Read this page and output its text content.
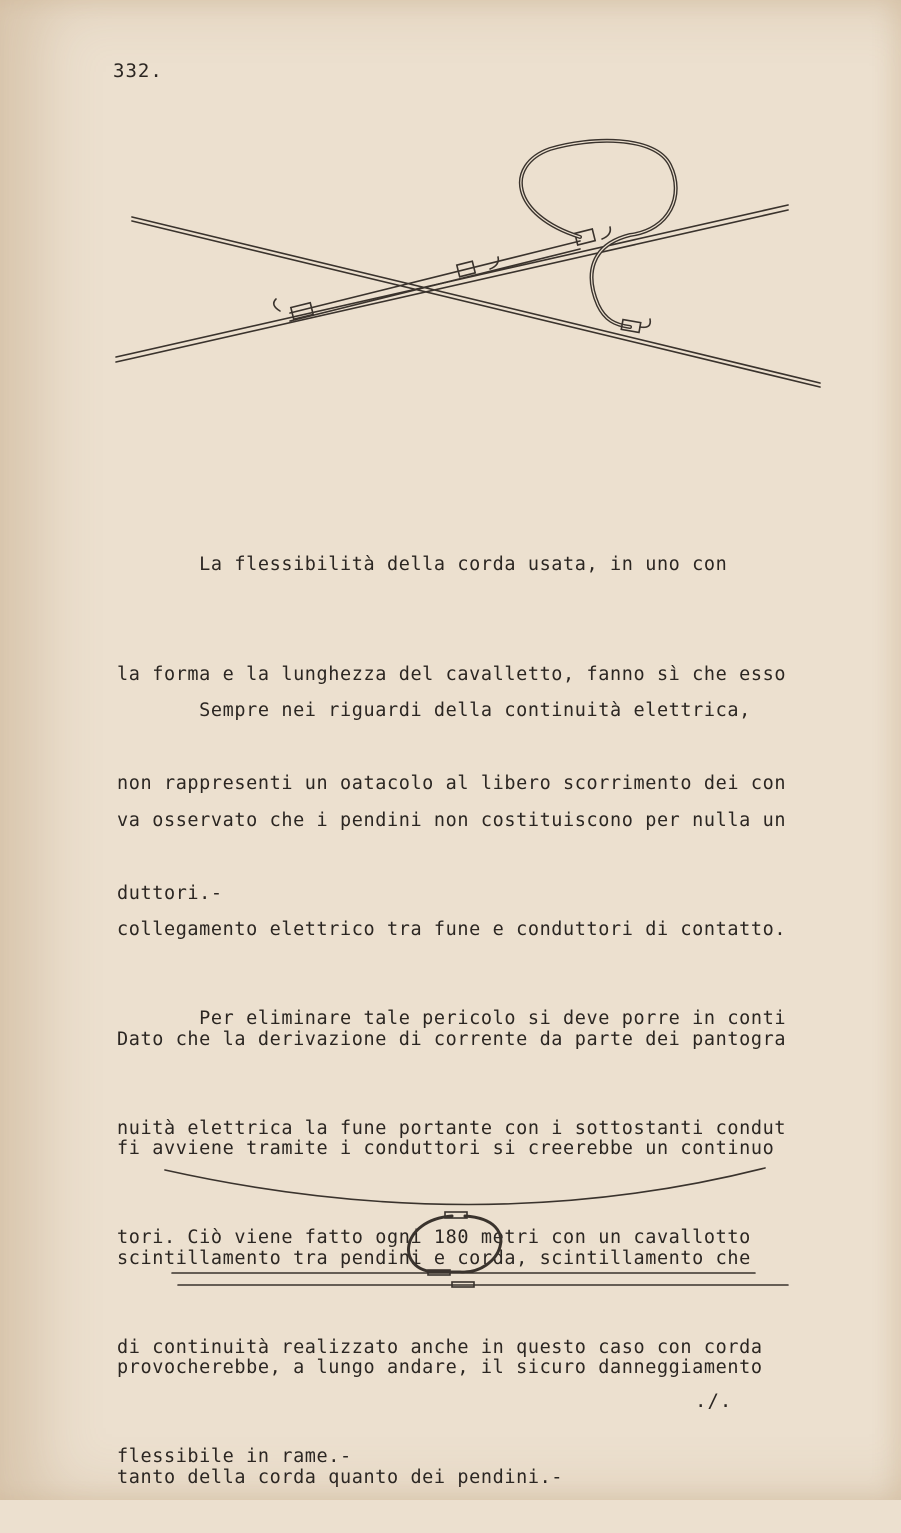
332.

La flessibilità della corda usata, in uno con

la forma e la lunghezza del cavalletto, fanno sì che esso

non rappresenti un oatacolo al libero scorrimento dei con

duttori.-

Sempre nei riguardi della continuità elettrica,

va osservato che i pendini non costituiscono per nulla un

collegamento elettrico tra fune e conduttori di contatto.

Dato che la derivazione di corrente da parte dei pantogra

fi avviene tramite i conduttori si creerebbe un continuo

scintillamento tra pendini e corda, scintillamento che

provocherebbe, a lungo andare, il sicuro danneggiamento

tanto della corda quanto dei pendini.-

Per eliminare tale pericolo si deve porre in conti

nuità elettrica la fune portante con i sottostanti condut

tori. Ciò viene fatto ogni 180 metri con un cavallotto

di continuità realizzato anche in questo caso con corda

flessibile in rame.-

./.
